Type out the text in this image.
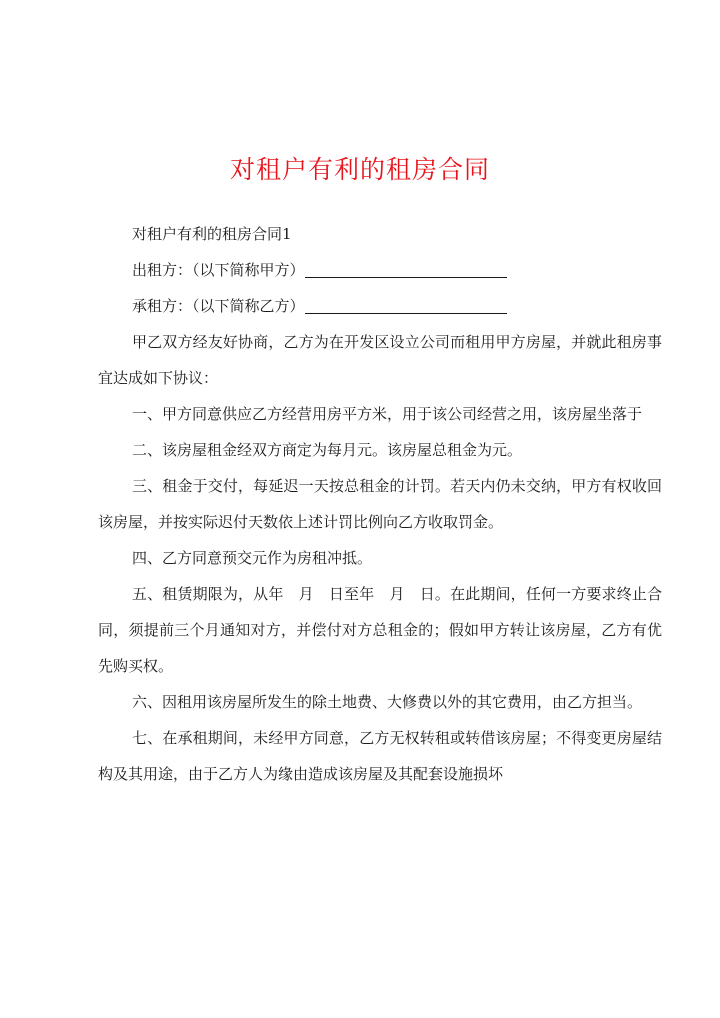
对租户有利的租房合同

对租户有利的租房合同1

出租方：（以下简称甲方）

承租方：（以下简称乙方）

甲乙双方经友好协商，乙方为在开发区设立公司而租用甲方房屋，并就此租房事宜达成如下协议：

一、甲方同意供应乙方经营用房平方米，用于该公司经营之用，该房屋坐落于

二、该房屋租金经双方商定为每月元。该房屋总租金为元。

三、租金于交付，每延迟一天按总租金的计罚。若天内仍未交纳，甲方有权收回该房屋，并按实际迟付天数依上述计罚比例向乙方收取罚金。

四、乙方同意预交元作为房租冲抵。

五、租赁期限为，从年　月　日至年　月　日。在此期间，任何一方要求终止合同，须提前三个月通知对方，并偿付对方总租金的；假如甲方转让该房屋，乙方有优先购买权。

六、因租用该房屋所发生的除土地费、大修费以外的其它费用，由乙方担当。

七、在承租期间，未经甲方同意，乙方无权转租或转借该房屋；不得变更房屋结构及其用途，由于乙方人为缘由造成该房屋及其配套设施损坏
